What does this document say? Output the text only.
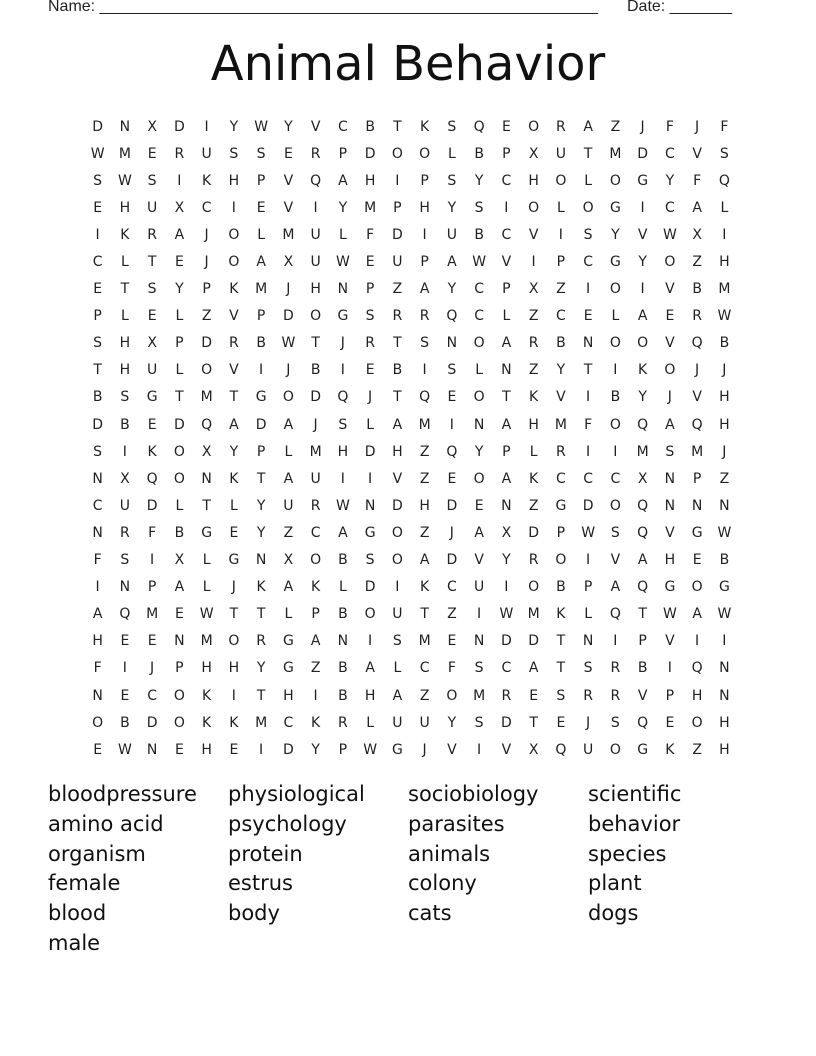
Name: ________________________________________________________ Date: _______
Animal Behavior
D	N	X	D	I	Y	W	Y	V	C	B	T	K	S	Q	E	O	R	A	Z	J	F	J	F
W	M	E	R	U	S	S	E	R	P	D	O	O	L	B	P	X	U	T	M	D	C	V	S
S	W	S	I	K	H	P	V	Q	A	H	I	P	S	Y	C	H	O	L	O	G	Y	F	Q
E	H	U	X	C	I	E	V	I	Y	M	P	H	Y	S	I	O	L	O	G	I	C	A	L
I	K	R	A	J	O	L	M	U	L	F	D	I	U	B	C	V	I	S	Y	V	W	X	I
C	L	T	E	J	O	A	X	U	W	E	U	P	A	W	V	I	P	C	G	Y	O	Z	H
E	T	S	Y	P	K	M	J	H	N	P	Z	A	Y	C	P	X	Z	I	O	I	V	B	M
P	L	E	L	Z	V	P	D	O	G	S	R	R	Q	C	L	Z	C	E	L	A	E	R	W
S	H	X	P	D	R	B	W	T	J	R	T	S	N	O	A	R	B	N	O	O	V	Q	B
T	H	U	L	O	V	I	J	B	I	E	B	I	S	L	N	Z	Y	T	I	K	O	J	J
B	S	G	T	M	T	G	O	D	Q	J	T	Q	E	O	T	K	V	I	B	Y	J	V	H
D	B	E	D	Q	A	D	A	J	S	L	A	M	I	N	A	H	M	F	O	Q	A	Q	H
S	I	K	O	X	Y	P	L	M	H	D	H	Z	Q	Y	P	L	R	I	I	M	S	M	J
N	X	Q	O	N	K	T	A	U	I	I	V	Z	E	O	A	K	C	C	C	X	N	P	Z
C	U	D	L	T	L	Y	U	R	W	N	D	H	D	E	N	Z	G	D	O	Q	N	N	N
N	R	F	B	G	E	Y	Z	C	A	G	O	Z	J	A	X	D	P	W	S	Q	V	G	W
F	S	I	X	L	G	N	X	O	B	S	O	A	D	V	Y	R	O	I	V	A	H	E	B
I	N	P	A	L	J	K	A	K	L	D	I	K	C	U	I	O	B	P	A	Q	G	O	G
A	Q	M	E	W	T	T	L	P	B	O	U	T	Z	I	W	M	K	L	Q	T	W	A	W
H	E	E	N	M	O	R	G	A	N	I	S	M	E	N	D	D	T	N	I	P	V	I	I
F	I	J	P	H	H	Y	G	Z	B	A	L	C	F	S	C	A	T	S	R	B	I	Q	N
N	E	C	O	K	I	T	H	I	B	H	A	Z	O	M	R	E	S	R	R	V	P	H	N
O	B	D	O	K	K	M	C	K	R	L	U	U	Y	S	D	T	E	J	S	Q	E	O	H
E	W	N	E	H	E	I	D	Y	P	W	G	J	V	I	V	X	Q	U	O	G	K	Z	H
bloodpressure	physiological	sociobiology	scientific
amino acid	psychology	parasites	behavior
organism	protein	animals	species
female	estrus	colony	plant
blood	body	cats	dogs
male
